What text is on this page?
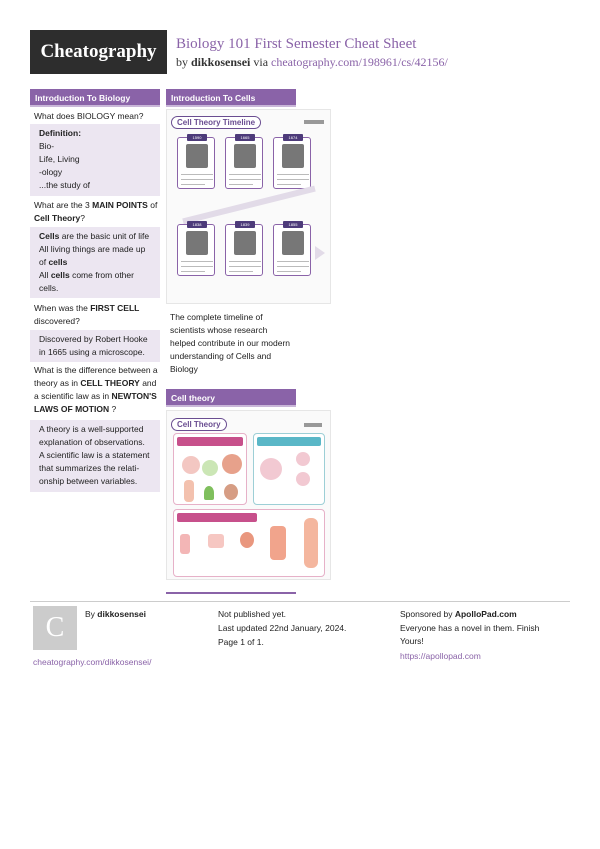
Cheatography	Biology 101 First Semester Cheat Sheet
by dikkosensei via cheatography.com/198961/cs/42156/
Introduction To Biology
What does BIOLOGY mean?
Definition:
Bio-
Life, Living
-ology
...the study of
What are the 3 MAIN POINTS of Cell Theory?
Cells are the basic unit of life
All living things are made up
of cells
All cells come from other
cells.
When was the FIRST CELL
discovered?
Discovered by Robert Hooke in 1665 using a microscope.
What is the difference between a
theory as in CELL THEORY and
a scientific law as in NEWTON'S
LAWS OF MOTION ?
A theory is a well-supported explanation of observations.
A scientific law is a statement that summarizes the relationship between variables.
Introduction To Cells
Cell Theory Timeline
1590	1665	1674
1838	1839	1855
The complete timeline of scientists whose research helped contribute in our modern understanding of Cells and Biology
Cell theory
Cell Theory
C	By dikkosensei
cheatography.com/dikkosensei/
Not published yet.
Last updated 22nd January, 2024.
Page 1 of 1.
Sponsored by ApolloPad.com
Everyone has a novel in them. Finish Yours!
https://apollopad.com
